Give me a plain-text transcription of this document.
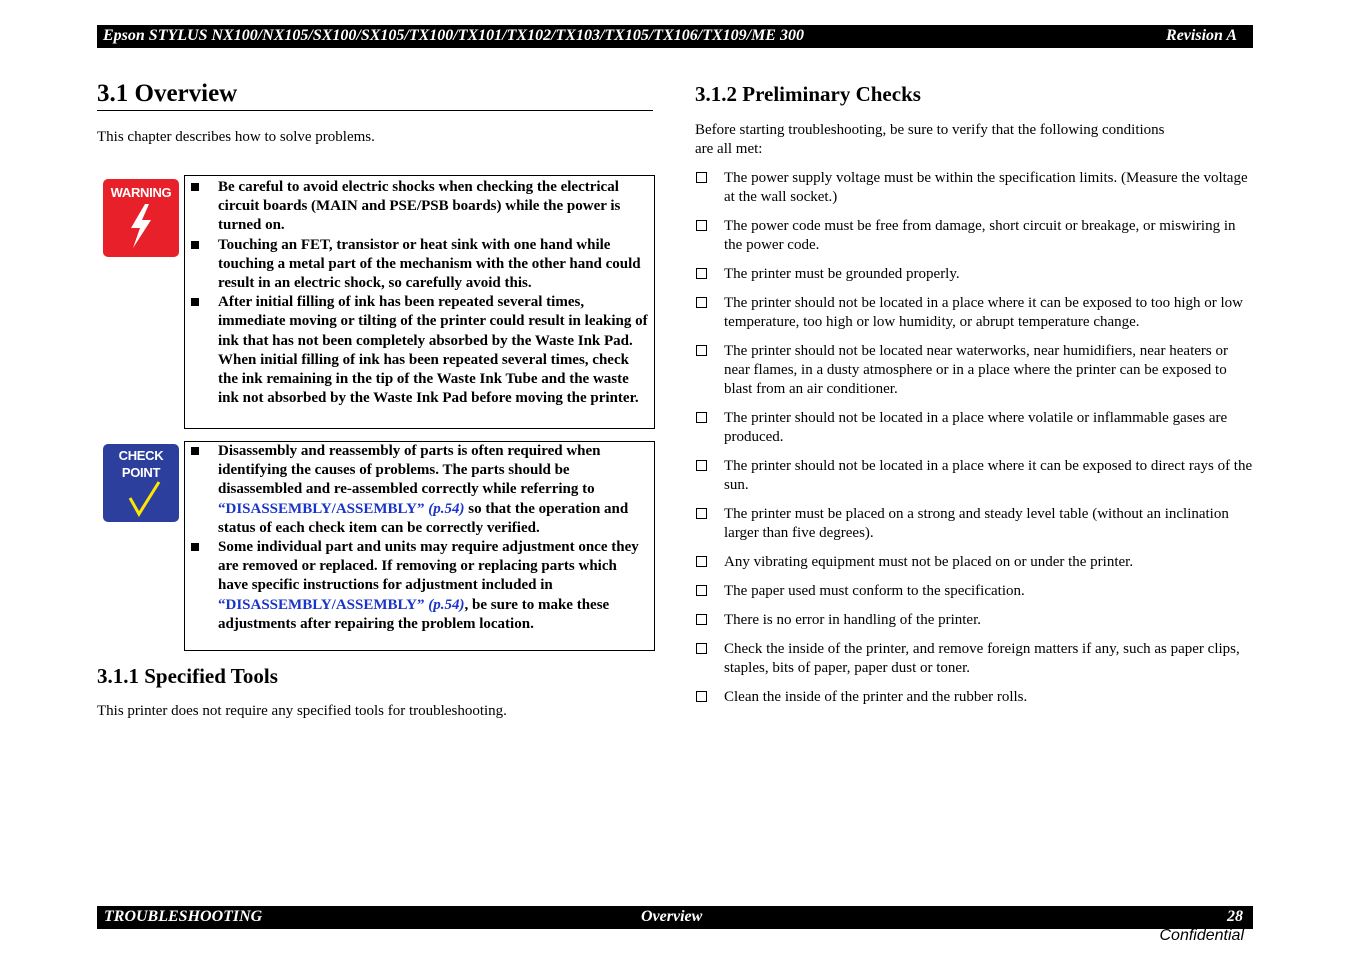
Epson STYLUS NX100/NX105/SX100/SX105/TX100/TX101/TX102/TX103/TX105/TX106/TX109/ME 300	Revision A
3.1 Overview

This chapter describes how to solve problems.

WARNING	Be careful to avoid electric shocks when checking the electrical circuit boards (MAIN and PSE/PSB boards) while the power is turned on.
Touching an FET, transistor or heat sink with one hand while touching a metal part of the mechanism with the other hand could result in an electric shock, so carefully avoid this.
After initial filling of ink has been repeated several times, immediate moving or tilting of the printer could result in leaking of ink that has not been completely absorbed by the Waste Ink Pad. When initial filling of ink has been repeated several times, check the ink remaining in the tip of the Waste Ink Tube and the waste ink not absorbed by the Waste Ink Pad before moving the printer.
CHECK
POINT
Disassembly and reassembly of parts is often required when identifying the causes of problems. The parts should be disassembled and re-assembled correctly while referring to “DISASSEMBLY/ASSEMBLY” (p.54) so that the operation and status of each check item can be correctly verified.
Some individual part and units may require adjustment once they are removed or replaced. If removing or replacing parts which have specific instructions for adjustment included in “DISASSEMBLY/ASSEMBLY” (p.54), be sure to make these adjustments after repairing the problem location.
3.1.1 Specified Tools

This printer does not require any specified tools for troubleshooting.

3.1.2 Preliminary Checks

Before starting troubleshooting, be sure to verify that the following conditions
are all met:

The power supply voltage must be within the specification limits. (Measure the voltage at the wall socket.)
The power code must be free from damage, short circuit or breakage, or miswiring in the power code.
The printer must be grounded properly.
The printer should not be located in a place where it can be exposed to too high or low temperature, too high or low humidity, or abrupt temperature change.
The printer should not be located near waterworks, near humidifiers, near heaters or near flames, in a dusty atmosphere or in a place where the printer can be exposed to blast from an air conditioner.
The printer should not be located in a place where volatile or inflammable gases are produced.
The printer should not be located in a place where it can be exposed to direct rays of the sun.
The printer must be placed on a strong and steady level table (without an inclination larger than five degrees).
Any vibrating equipment must not be placed on or under the printer.
The paper used must conform to the specification.
There is no error in handling of the printer.
Check the inside of the printer, and remove foreign matters if any, such as paper clips, staples, bits of paper, paper dust or toner.
Clean the inside of the printer and the rubber rolls.
TROUBLESHOOTING	Overview	28
Confidential
